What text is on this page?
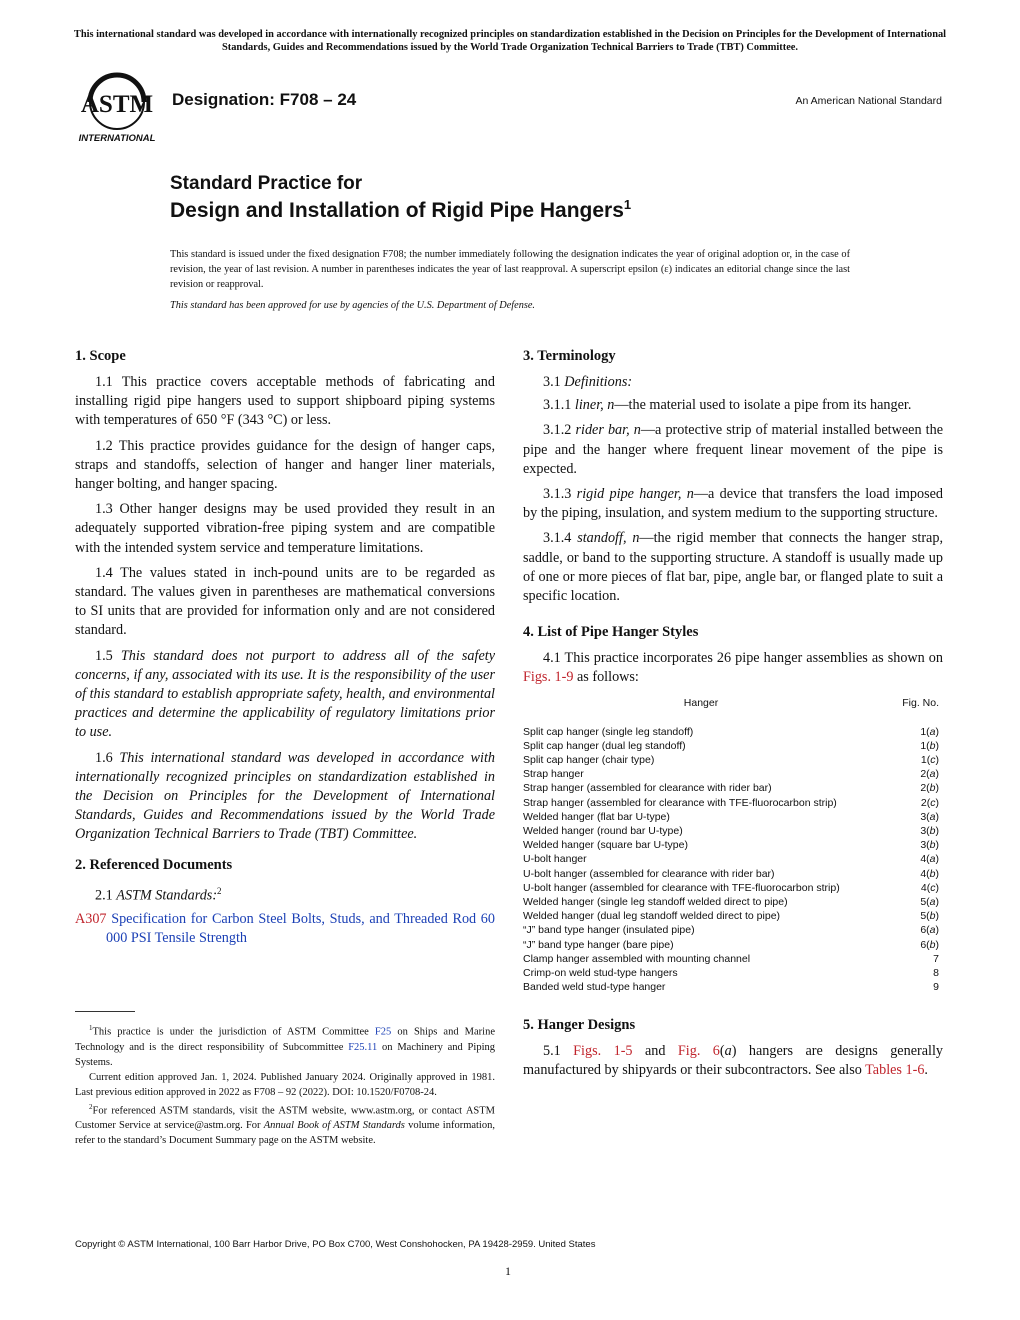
This international standard was developed in accordance with internationally recognized principles on standardization established in the Decision on Principles for the Development of International Standards, Guides and Recommendations issued by the World Trade Organization Technical Barriers to Trade (TBT) Committee.
ASTM
INTERNATIONAL
Designation: F708 – 24	An American National Standard
Standard Practice for
Design and Installation of Rigid Pipe Hangers$^1$
This standard is issued under the fixed designation F708; the number immediately following the designation indicates the year of original adoption or, in the case of revision, the year of last revision. A number in parentheses indicates the year of last reapproval. A superscript epsilon (ε) indicates an editorial change since the last revision or reapproval.
This standard has been approved for use by agencies of the U.S. Department of Defense.
1. Scope

1.1 This practice covers acceptable methods of fabricating and installing rigid pipe hangers used to support shipboard piping systems with temperatures of 650 °F (343 °C) or less.

1.2 This practice provides guidance for the design of hanger caps, straps and standoffs, selection of hanger and hanger liner materials, hanger bolting, and hanger spacing.

1.3 Other hanger designs may be used provided they result in an adequately supported vibration-free piping system and are compatible with the intended system service and temperature limitations.

1.4 The values stated in inch-pound units are to be regarded as standard. The values given in parentheses are mathematical conversions to SI units that are provided for information only and are not considered standard.

1.5 This standard does not purport to address all of the safety concerns, if any, associated with its use. It is the responsibility of the user of this standard to establish appropriate safety, health, and environmental practices and determine the applicability of regulatory limitations prior to use.

1.6 This international standard was developed in accordance with internationally recognized principles on standardization established in the Decision on Principles for the Development of International Standards, Guides and Recommendations issued by the World Trade Organization Technical Barriers to Trade (TBT) Committee.

2. Referenced Documents

2.1 ASTM Standards:$^2$

A307 Specification for Carbon Steel Bolts, Studs, and Threaded Rod 60 000 PSI Tensile Strength

$^1$This practice is under the jurisdiction of ASTM Committee F25 on Ships and Marine Technology and is the direct responsibility of Subcommittee F25.11 on Machinery and Piping Systems.

Current edition approved Jan. 1, 2024. Published January 2024. Originally approved in 1981. Last previous edition approved in 2022 as F708 – 92 (2022). DOI: 10.1520/F0708-24.

$^2$For referenced ASTM standards, visit the ASTM website, www.astm.org, or contact ASTM Customer Service at service@astm.org. For Annual Book of ASTM Standards volume information, refer to the standard’s Document Summary page on the ASTM website.

3. Terminology

3.1 Definitions:

3.1.1 liner, n—the material used to isolate a pipe from its hanger.

3.1.2 rider bar, n—a protective strip of material installed between the pipe and the hanger where frequent linear movement of the pipe is expected.

3.1.3 rigid pipe hanger, n—a device that transfers the load imposed by the piping, insulation, and system medium to the supporting structure.

3.1.4 standoff, n—the rigid member that connects the hanger strap, saddle, or band to the supporting structure. A standoff is usually made up of one or more pieces of flat bar, pipe, angle bar, or flanged plate to suit a specific location.

4. List of Pipe Hanger Styles

4.1 This practice incorporates 26 pipe hanger assemblies as shown on Figs. 1-9 as follows:

Hanger	Fig. No.
Split cap hanger (single leg standoff)	1(a)
Split cap hanger (dual leg standoff)	1(b)
Split cap hanger (chair type)	1(c)
Strap hanger	2(a)
Strap hanger (assembled for clearance with rider bar)	2(b)
Strap hanger (assembled for clearance with TFE-fluorocarbon strip)	2(c)
Welded hanger (flat bar U-type)	3(a)
Welded hanger (round bar U-type)	3(b)
Welded hanger (square bar U-type)	3(b)
U-bolt hanger	4(a)
U-bolt hanger (assembled for clearance with rider bar)	4(b)
U-bolt hanger (assembled for clearance with TFE-fluorocarbon strip)	4(c)
Welded hanger (single leg standoff welded direct to pipe)	5(a)
Welded hanger (dual leg standoff welded direct to pipe)	5(b)
“J” band type hanger (insulated pipe)	6(a)
“J” band type hanger (bare pipe)	6(b)
Clamp hanger assembled with mounting channel	7
Crimp-on weld stud-type hangers	8
Banded weld stud-type hanger	9
5. Hanger Designs

5.1 Figs. 1-5 and Fig. 6(a) hangers are designs generally manufactured by shipyards or their subcontractors. See also Tables 1-6.

Copyright © ASTM International, 100 Barr Harbor Drive, PO Box C700, West Conshohocken, PA 19428-2959. United States
1
